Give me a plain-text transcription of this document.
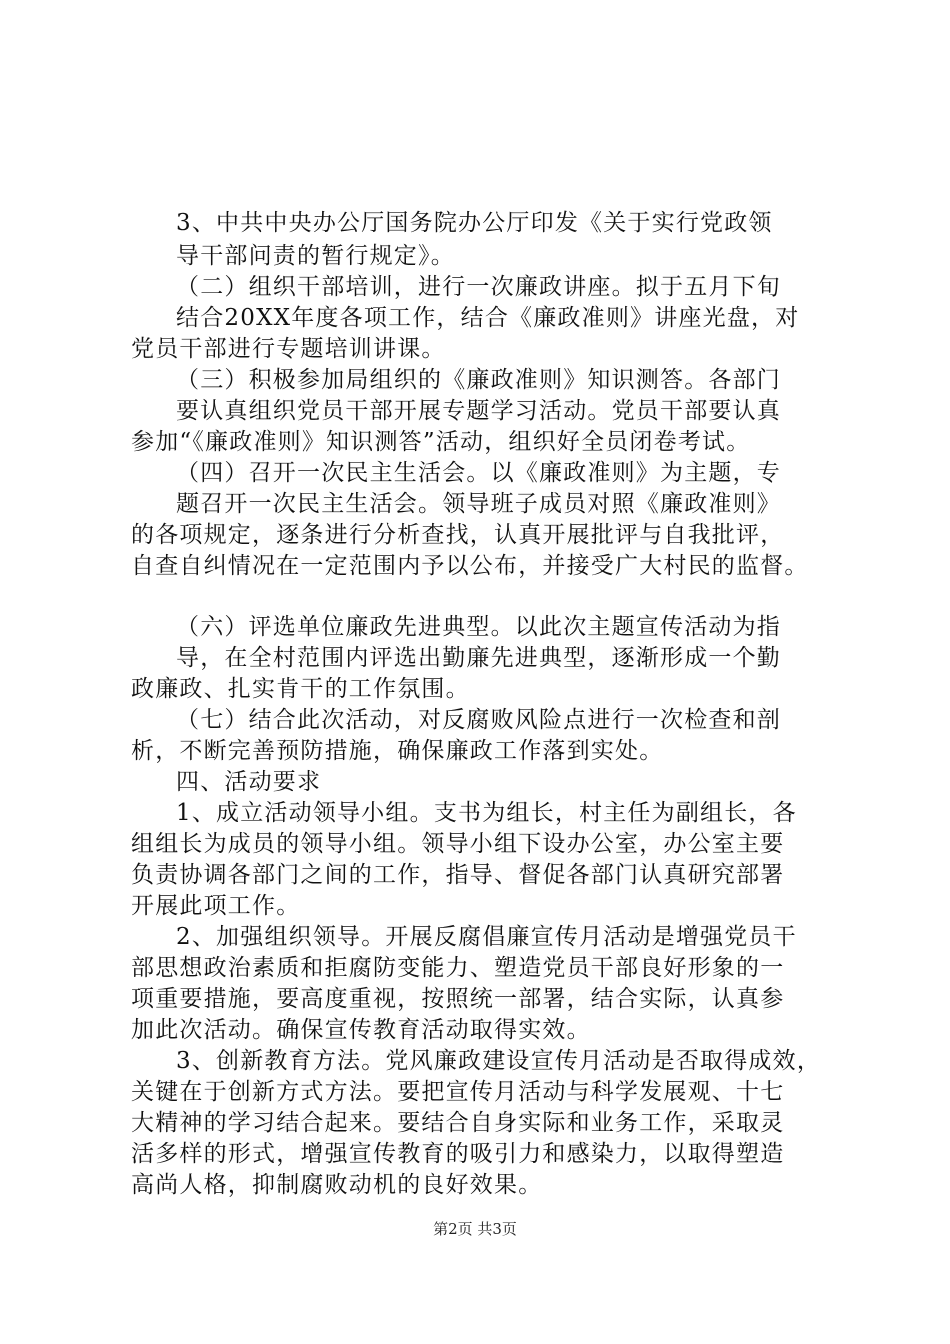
3、中共中央办公厅国务院办公厅印发《关于实行党政领
导干部问责的暂行规定》。
（二）组织干部培训，进行一次廉政讲座。拟于五月下旬
结合20XX年度各项工作，结合《廉政准则》讲座光盘，对
党员干部进行专题培训讲课。
（三）积极参加局组织的《廉政准则》知识测答。各部门
要认真组织党员干部开展专题学习活动。党员干部要认真
参加“《廉政准则》知识测答”活动，组织好全员闭卷考试。
（四）召开一次民主生活会。以《廉政准则》为主题，专
题召开一次民主生活会。领导班子成员对照《廉政准则》
的各项规定，逐条进行分析查找，认真开展批评与自我批评，
自查自纠情况在一定范围内予以公布，并接受广大村民的监督。
（六）评选单位廉政先进典型。以此次主题宣传活动为指
导，在全村范围内评选出勤廉先进典型，逐渐形成一个勤
政廉政、扎实肯干的工作氛围。
（七）结合此次活动，对反腐败风险点进行一次检查和剖
析，不断完善预防措施，确保廉政工作落到实处。
四、活动要求
1、成立活动领导小组。支书为组长，村主任为副组长，各
组组长为成员的领导小组。领导小组下设办公室，办公室主要
负责协调各部门之间的工作，指导、督促各部门认真研究部署
开展此项工作。
2、加强组织领导。开展反腐倡廉宣传月活动是增强党员干
部思想政治素质和拒腐防变能力、塑造党员干部良好形象的一
项重要措施，要高度重视，按照统一部署，结合实际，认真参
加此次活动。确保宣传教育活动取得实效。
3、创新教育方法。党风廉政建设宣传月活动是否取得成效，
关键在于创新方式方法。要把宣传月活动与科学发展观、十七
大精神的学习结合起来。要结合自身实际和业务工作，采取灵
活多样的形式，增强宣传教育的吸引力和感染力，以取得塑造
高尚人格，抑制腐败动机的良好效果。
第2页 共3页
